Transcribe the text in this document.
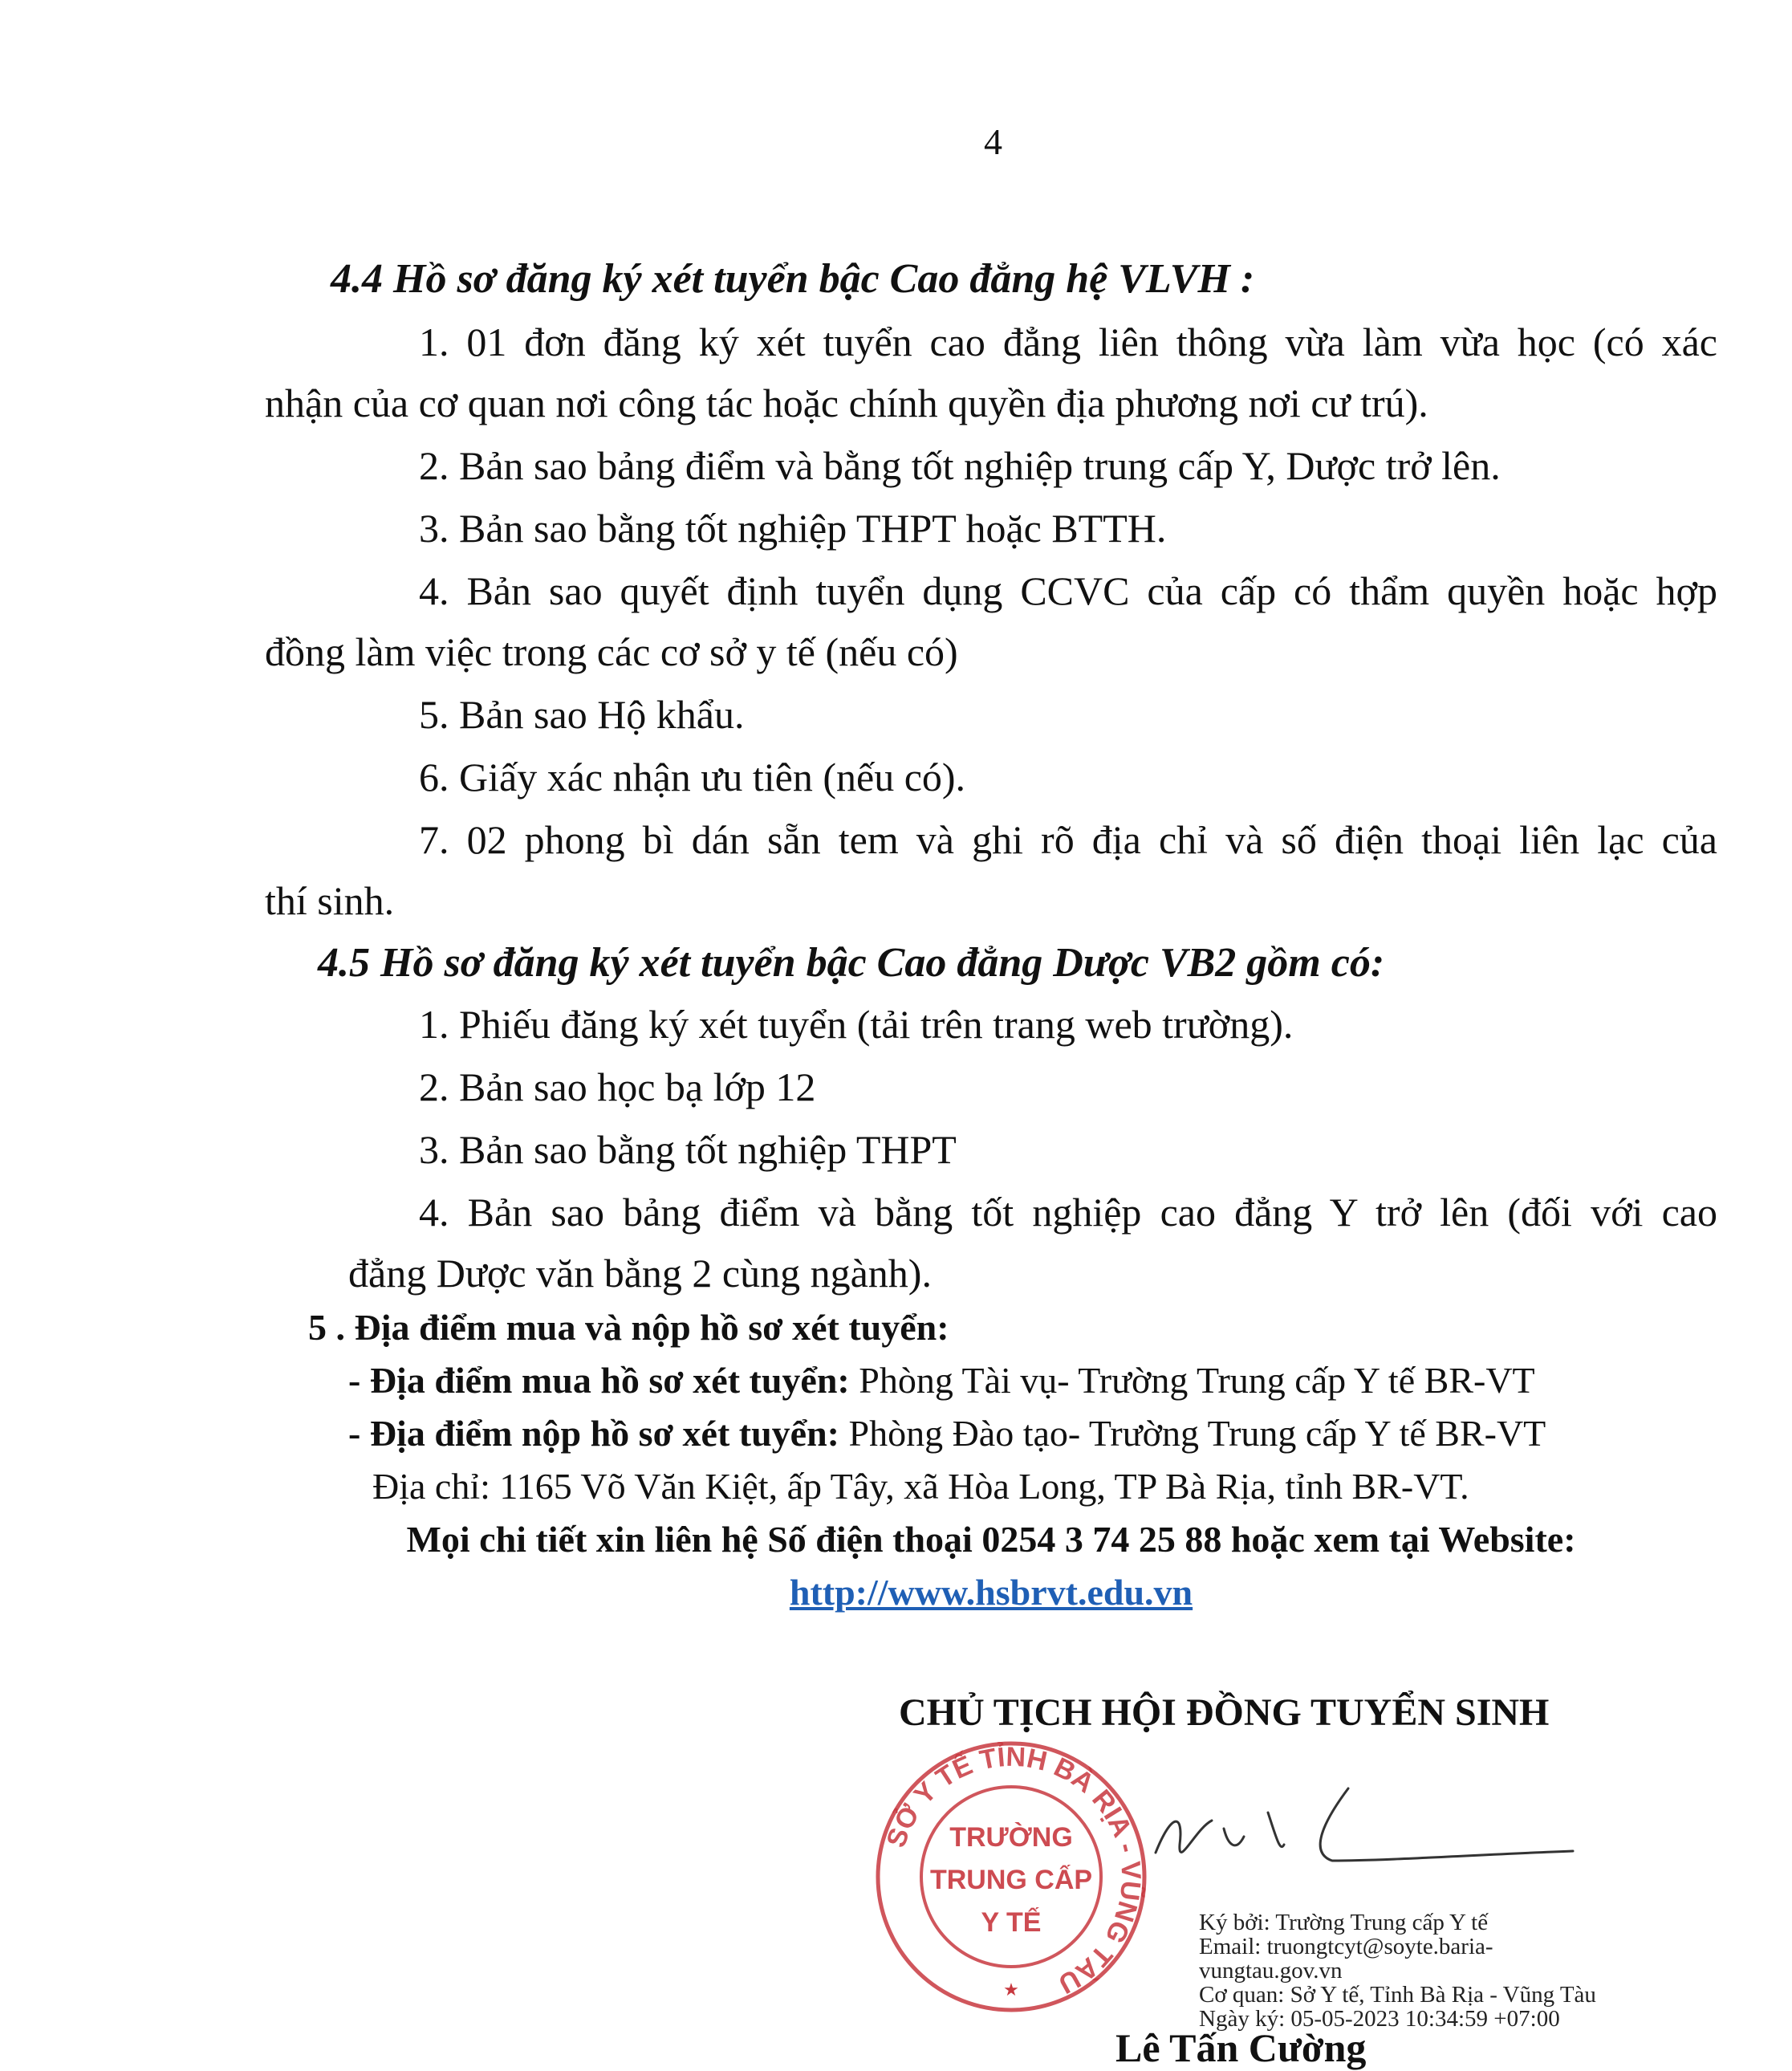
4
4.4 Hồ sơ đăng ký xét tuyển bậc Cao đẳng hệ VLVH :
1. 01 đơn đăng ký xét tuyển cao đẳng liên thông vừa làm vừa học (có xác
nhận của cơ quan nơi công tác hoặc chính quyền địa phương nơi cư trú).
2. Bản sao bảng điểm và bằng tốt nghiệp trung cấp Y, Dược trở lên.
3. Bản sao bằng tốt nghiệp THPT hoặc BTTH.
4. Bản sao quyết định tuyển dụng CCVC của cấp có thẩm quyền hoặc hợp
đồng làm việc trong các cơ sở y tế (nếu có)
5. Bản sao Hộ khẩu.
6. Giấy xác nhận ưu tiên (nếu có).
7. 02 phong bì dán sẵn tem và ghi rõ địa chỉ và số điện thoại liên lạc của
thí sinh.
4.5 Hồ sơ đăng ký xét tuyển bậc Cao đẳng Dược VB2 gồm có:
1. Phiếu đăng ký xét tuyển (tải trên trang web trường).
2. Bản sao học bạ lớp 12
3. Bản sao bằng tốt nghiệp THPT
4. Bản sao bảng điểm và bằng tốt nghiệp cao đẳng Y trở lên (đối với cao
đẳng Dược văn bằng 2 cùng ngành).
5 . Địa điểm mua và nộp hồ sơ xét tuyển:
- Địa điểm mua hồ sơ xét tuyển: Phòng Tài vụ- Trường Trung cấp Y tế BR-VT
- Địa điểm nộp hồ sơ xét tuyển: Phòng Đào tạo- Trường Trung cấp Y tế BR-VT
Địa chỉ: 1165 Võ Văn Kiệt, ấp Tây, xã Hòa Long, TP Bà Rịa, tỉnh BR-VT.
Mọi chi tiết xin liên hệ Số điện thoại 0254 3 74 25 88 hoặc xem tại Website:
http://www.hsbrvt.edu.vn
CHỦ TỊCH HỘI ĐỒNG TUYỂN SINH
SỞ Y TẾ TỈNH BÀ RỊA - VŨNG TÀU
TRƯỜNG
TRUNG CẤP
Y TẾ
★
Ký bởi: Trường Trung cấp Y tế
Email: truongtcyt@soyte.baria-
vungtau.gov.vn
Cơ quan: Sở Y tế, Tỉnh Bà Rịa - Vũng Tàu
Ngày ký: 05-05-2023 10:34:59 +07:00
Lê Tấn Cường
